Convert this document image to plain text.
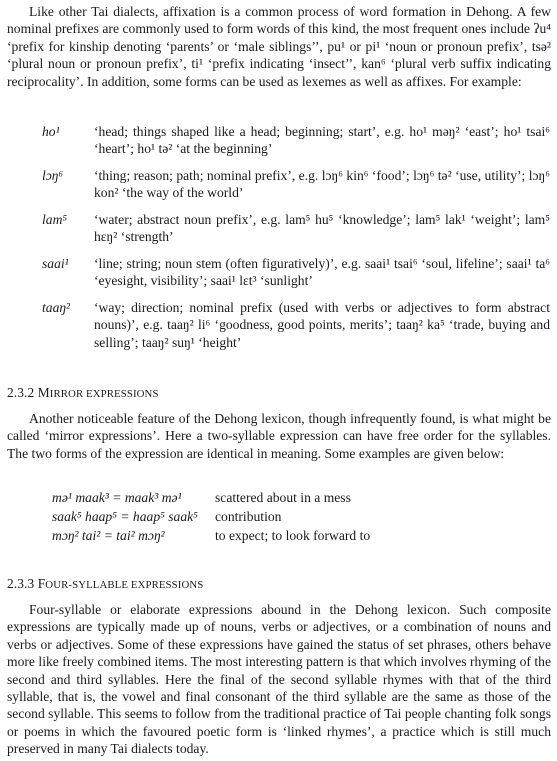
Like other Tai dialects, affixation is a common process of word formation in Dehong. A few nominal prefixes are commonly used to form words of this kind, the most frequent ones include ʔu⁴ ‘prefix for kinship denoting ‘parents’ or ‘male siblings’’, pu¹ or pi¹ ‘noun or pronoun prefix’, tsə² ‘plural noun or pronoun prefix’, ti¹ ‘prefix indicating ‘insect’’, kan⁶ ‘plural verb suffix indicating reciprocality’. In addition, some forms can be used as lexemes as well as affixes. For example:

ho¹	‘head; things shaped like a head; beginning; start’, e.g. ho¹ məŋ² ‘east’; ho¹ tsai⁶ ‘heart’; ho¹ tə² ‘at the beginning’
lɔŋ⁶	‘thing; reason; path; nominal prefix’, e.g. lɔŋ⁶ kin⁶ ‘food’; lɔŋ⁶ tə² ‘use, utility’; lɔŋ⁶ kon² ‘the way of the world’
lam⁵	‘water; abstract noun prefix’, e.g. lam⁵ hu⁵ ‘knowledge’; lam⁵ lak¹ ‘weight’; lam⁵ hɛŋ² ‘strength’
saai¹	‘line; string; noun stem (often figuratively)’, e.g. saai¹ tsai⁶ ‘soul, lifeline’; saai¹ ta⁶ ‘eyesight, visibility’; saai¹ lɛt³ ‘sunlight’
taaŋ²	‘way; direction; nominal prefix (used with verbs or adjectives to form abstract nouns)’, e.g. taaŋ² li⁶ ‘goodness, good points, merits’; taaŋ² ka⁵ ‘trade, buying and selling’; taaŋ² suŋ¹ ‘height’
2.3.2 MIRROR EXPRESSIONS

Another noticeable feature of the Dehong lexicon, though infrequently found, is what might be called ‘mirror expressions’. Here a two-syllable expression can have free order for the syllables. The two forms of the expression are identical in meaning. Some examples are given below:

mə¹ maak³ = maak³ mə¹	scattered about in a mess
saak⁵ haap⁵ = haap⁵ saak⁵	contribution
mɔŋ² tai² = tai² mɔŋ²	to expect; to look forward to
2.3.3 FOUR-SYLLABLE EXPRESSIONS

Four-syllable or elaborate expressions abound in the Dehong lexicon. Such composite expressions are typically made up of nouns, verbs or adjectives, or a combination of nouns and verbs or adjectives. Some of these expressions have gained the status of set phrases, others behave more like freely combined items. The most interesting pattern is that which involves rhyming of the second and third syllables. Here the final of the second syllable rhymes with that of the third syllable, that is, the vowel and final consonant of the third syllable are the same as those of the second syllable. This seems to follow from the traditional practice of Tai people chanting folk songs or poems in which the favoured poetic form is ‘linked rhymes’, a practice which is still much preserved in many Tai dialects today.
